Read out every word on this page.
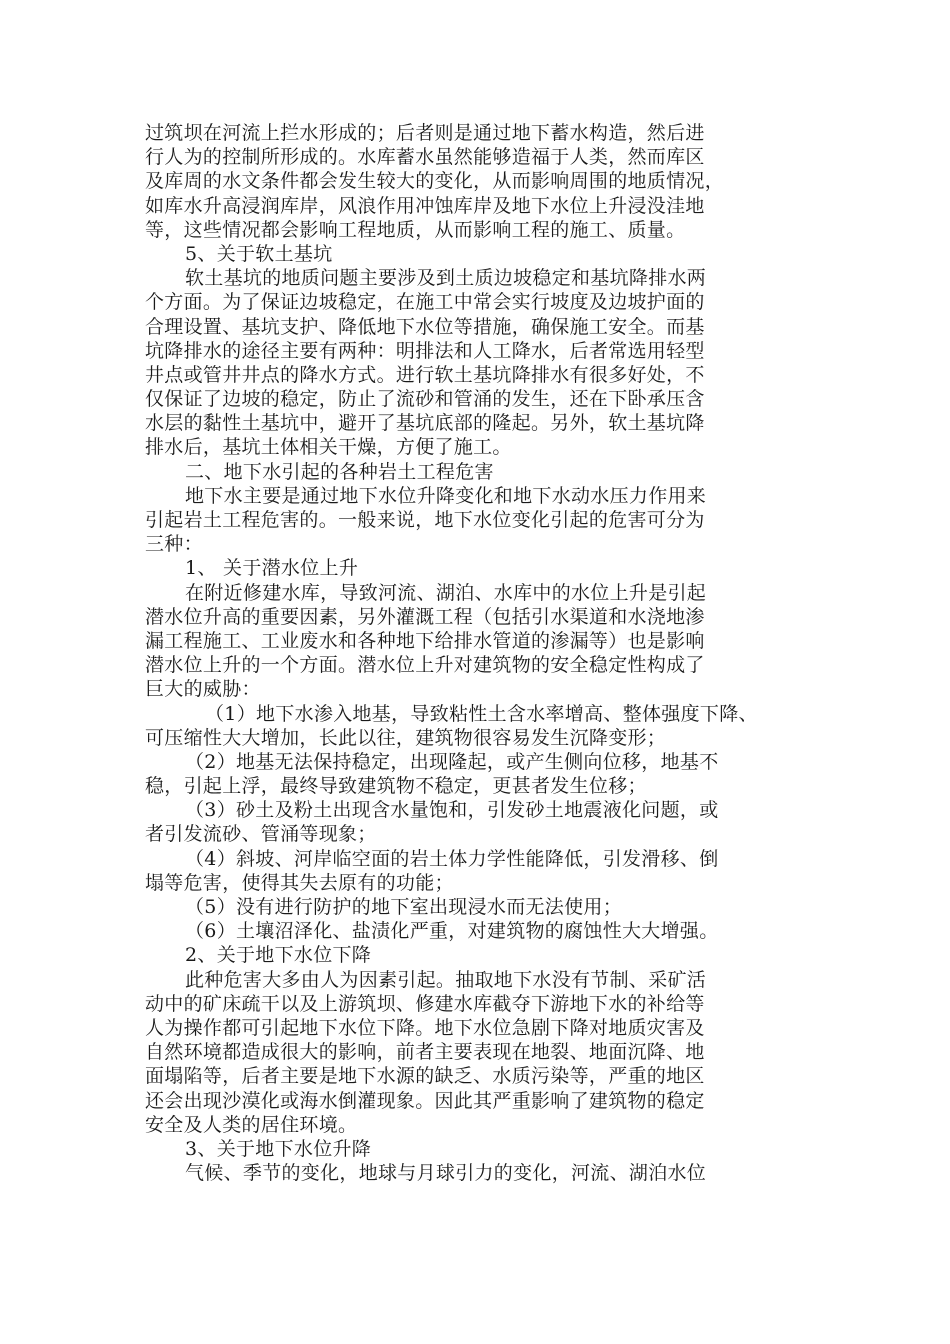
过筑坝在河流上拦水形成的；后者则是通过地下蓄水构造，然后进
行人为的控制所形成的。水库蓄水虽然能够造福于人类，然而库区
及库周的水文条件都会发生较大的变化，从而影响周围的地质情况，
如库水升高浸润库岸，风浪作用冲蚀库岸及地下水位上升浸没洼地
等，这些情况都会影响工程地质，从而影响工程的施工、质量。
5、关于软土基坑
软土基坑的地质问题主要涉及到土质边坡稳定和基坑降排水两
个方面。为了保证边坡稳定，在施工中常会实行坡度及边坡护面的
合理设置、基坑支护、降低地下水位等措施，确保施工安全。而基
坑降排水的途径主要有两种：明排法和人工降水，后者常选用轻型
井点或管井井点的降水方式。进行软土基坑降排水有很多好处，不
仅保证了边坡的稳定，防止了流砂和管涌的发生，还在下卧承压含
水层的黏性土基坑中，避开了基坑底部的隆起。另外，软土基坑降
排水后，基坑土体相关干燥，方便了施工。
二、地下水引起的各种岩土工程危害
地下水主要是通过地下水位升降变化和地下水动水压力作用来
引起岩土工程危害的。一般来说，地下水位变化引起的危害可分为
三种：
1、 关于潜水位上升
在附近修建水库，导致河流、湖泊、水库中的水位上升是引起
潜水位升高的重要因素，另外灌溉工程（包括引水渠道和水浇地渗
漏工程施工、工业废水和各种地下给排水管道的渗漏等）也是影响
潜水位上升的一个方面。潜水位上升对建筑物的安全稳定性构成了
巨大的威胁：
（1）地下水渗入地基，导致粘性土含水率增高、整体强度下降、
可压缩性大大增加，长此以往，建筑物很容易发生沉降变形；
（2）地基无法保持稳定，出现隆起，或产生侧向位移，地基不
稳，引起上浮，最终导致建筑物不稳定，更甚者发生位移；
（3）砂土及粉土出现含水量饱和，引发砂土地震液化问题，或
者引发流砂、管涌等现象；
（4）斜坡、河岸临空面的岩土体力学性能降低，引发滑移、倒
塌等危害，使得其失去原有的功能；
（5）没有进行防护的地下室出现浸水而无法使用；
（6）土壤沼泽化、盐渍化严重，对建筑物的腐蚀性大大增强。
2、关于地下水位下降
此种危害大多由人为因素引起。抽取地下水没有节制、采矿活
动中的矿床疏干以及上游筑坝、修建水库截夺下游地下水的补给等
人为操作都可引起地下水位下降。地下水位急剧下降对地质灾害及
自然环境都造成很大的影响，前者主要表现在地裂、地面沉降、地
面塌陷等，后者主要是地下水源的缺乏、水质污染等，严重的地区
还会出现沙漠化或海水倒灌现象。因此其严重影响了建筑物的稳定
安全及人类的居住环境。
3、关于地下水位升降
气候、季节的变化，地球与月球引力的变化，河流、湖泊水位
